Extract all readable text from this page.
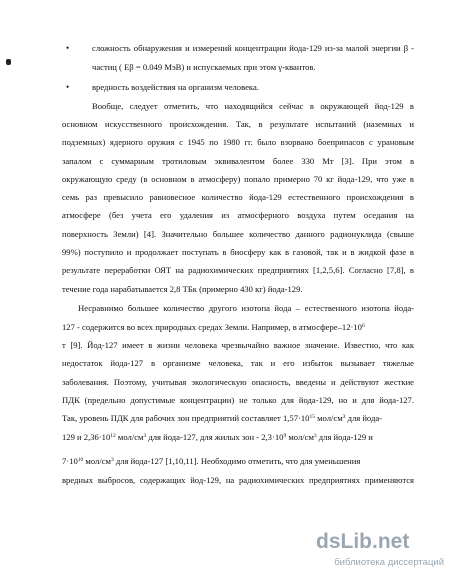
•	сложность обнаружения и измерений концентрации йода-129 из-за малой энергии β -
частиц ( Eβ = 0.049 МэВ) и испускаемых при этом γ-квантов.
•	вредность воздействия на организм человека.
Вообще, следует отметить, что находящийся сейчас в окружающей йод-129 в
основном искусственного происхождения. Так, в результате испытаний (наземных и
подземных) ядерного оружия с 1945 по 1980 гг. было взорвано боеприпасов с урановым
запалом с суммарным тротиловым эквивалентом более 330 Мт [3]. При этом в
окружающую среду (в основном в атмосферу) попало примерно 70 кг йода-129, что уже в
семь раз превысило равновесное количество йода-129 естественного происхождения в
атмосфере (без учета его удаления из атмосферного воздуха путем оседания на
поверхность Земли) [4]. Значительно большее количество данного радионуклида (свыше
99%) поступило и продолжает поступать в биосферу как в газовой, так и в жидкой фазе в
результате переработки ОЯТ на радиохимических предприятиях [1,2,5,6]. Согласно [7,8], в
течение года нарабатывается 2,8 ТБк (примерно 430 кг) йода-129.
Несравнимо большее количество другого изотопа йода – естественного изотопа йода-
127 - содержится во всех природных средах Земли. Например, в атмосфере–$12\cdot 10^6$
т [9]. Йод-127 имеет в жизни человека чрезвычайно важное значение. Известно, что как
недостаток йода-127 в организме человека, так и его избыток вызывает тяжелые
заболевания. Поэтому, учитывая экологическую опасность, введены и действуют жесткие
ПДК (предельно допустимые концентрации) не только для йода-129, но и для йода-127.
Так, уровень ПДК для рабочих зон предприятий составляет $1,57\cdot 10^{15}$ мол/$см^3$ для йода-
129 и $2,36\cdot 10^{12}$ мол/$см^3$ для йода-127, для жилых зон - $2,3\cdot 10^9$ мол/$см^3$ для йода-129 и
$7\cdot 10^{10}$ мол/$см^3$ для йода-127 [1,10,11]. Необходимо отметить, что для уменьшения
вредных выбросов, содержащих йод-129, на радиохимических предприятиях применяются
dsLib.net
библиотека диссертаций
